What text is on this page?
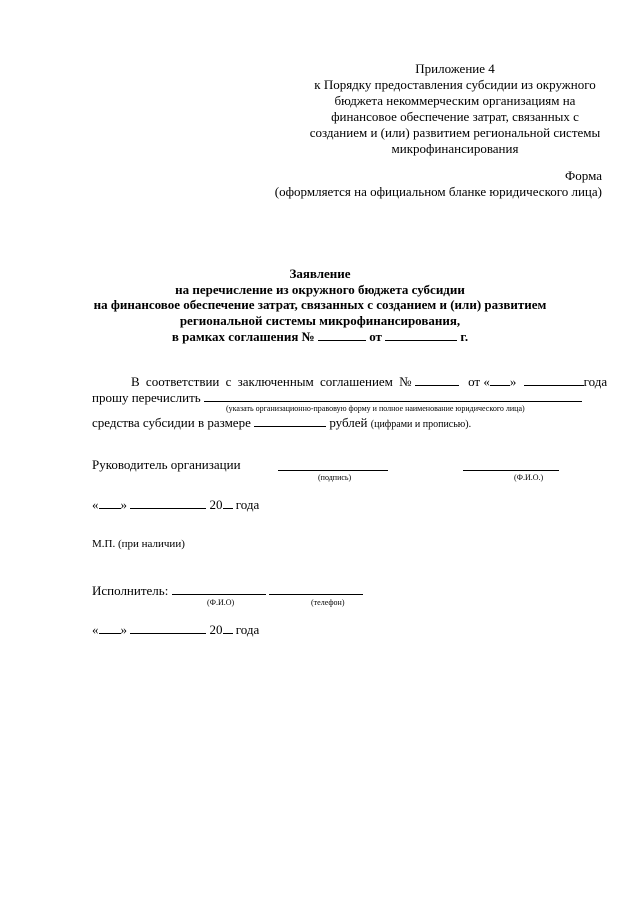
Приложение 4
к Порядку предоставления субсидии из окружного
бюджета некоммерческим организациям на
финансовое обеспечение затрат, связанных с
созданием и (или) развитием региональной системы
микрофинансирования
Форма
(оформляется на официальном бланке юридического лица)
Заявление
на перечисление из окружного бюджета субсидии
на финансовое обеспечение затрат, связанных с созданием и (или) развитием
региональной системы микрофинансирования,
в рамках соглашения №	от	г.
В соответствии с заключенным соглашением №	от « »	года
прошу перечислить
(указать организационно-правовую форму и полное наименование юридического лица)
средства субсидии в размере	рублей (цифрами и прописью).
Руководитель организации
(подпись)	(Ф.И.О.)
« »	20 года
М.П. (при наличии)
Исполнитель:
(Ф.И.О)	(телефон)
« »	20 года
